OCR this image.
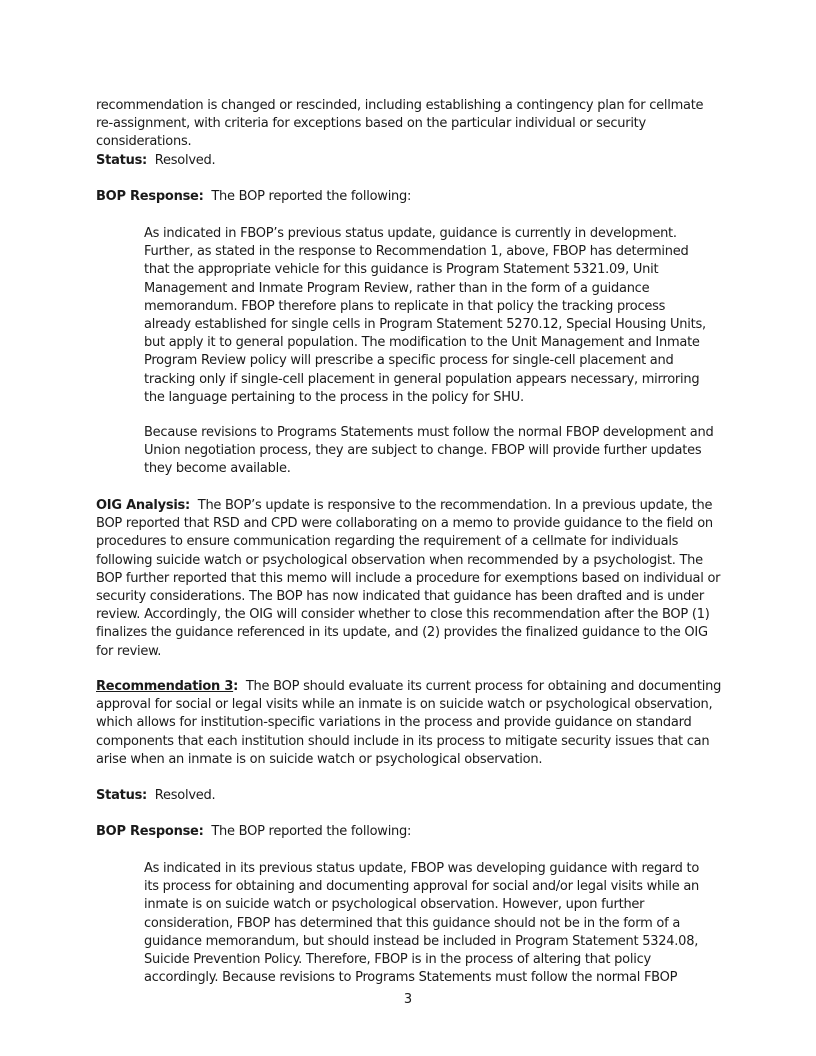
recommendation is changed or rescinded, including establishing a contingency plan for cellmate re-assignment, with criteria for exceptions based on the particular individual or security considerations.

Status: Resolved.

BOP Response: The BOP reported the following:

As indicated in FBOP’s previous status update, guidance is currently in development. Further, as stated in the response to Recommendation 1, above, FBOP has determined that the appropriate vehicle for this guidance is Program Statement 5321.09, Unit Management and Inmate Program Review, rather than in the form of a guidance memorandum. FBOP therefore plans to replicate in that policy the tracking process already established for single cells in Program Statement 5270.12, Special Housing Units, but apply it to general population. The modification to the Unit Management and Inmate Program Review policy will prescribe a specific process for single-cell placement and tracking only if single-cell placement in general population appears necessary, mirroring the language pertaining to the process in the policy for SHU.

Because revisions to Programs Statements must follow the normal FBOP development and Union negotiation process, they are subject to change. FBOP will provide further updates they become available.

OIG Analysis: The BOP’s update is responsive to the recommendation. In a previous update, the BOP reported that RSD and CPD were collaborating on a memo to provide guidance to the field on procedures to ensure communication regarding the requirement of a cellmate for individuals following suicide watch or psychological observation when recommended by a psychologist. The BOP further reported that this memo will include a procedure for exemptions based on individual or security considerations. The BOP has now indicated that guidance has been drafted and is under review. Accordingly, the OIG will consider whether to close this recommendation after the BOP (1) finalizes the guidance referenced in its update, and (2) provides the finalized guidance to the OIG for review.

Recommendation 3: The BOP should evaluate its current process for obtaining and documenting approval for social or legal visits while an inmate is on suicide watch or psychological observation, which allows for institution-specific variations in the process and provide guidance on standard components that each institution should include in its process to mitigate security issues that can arise when an inmate is on suicide watch or psychological observation.

Status: Resolved.

BOP Response: The BOP reported the following:

As indicated in its previous status update, FBOP was developing guidance with regard to its process for obtaining and documenting approval for social and/or legal visits while an inmate is on suicide watch or psychological observation. However, upon further consideration, FBOP has determined that this guidance should not be in the form of a guidance memorandum, but should instead be included in Program Statement 5324.08, Suicide Prevention Policy. Therefore, FBOP is in the process of altering that policy accordingly. Because revisions to Programs Statements must follow the normal FBOP

3
